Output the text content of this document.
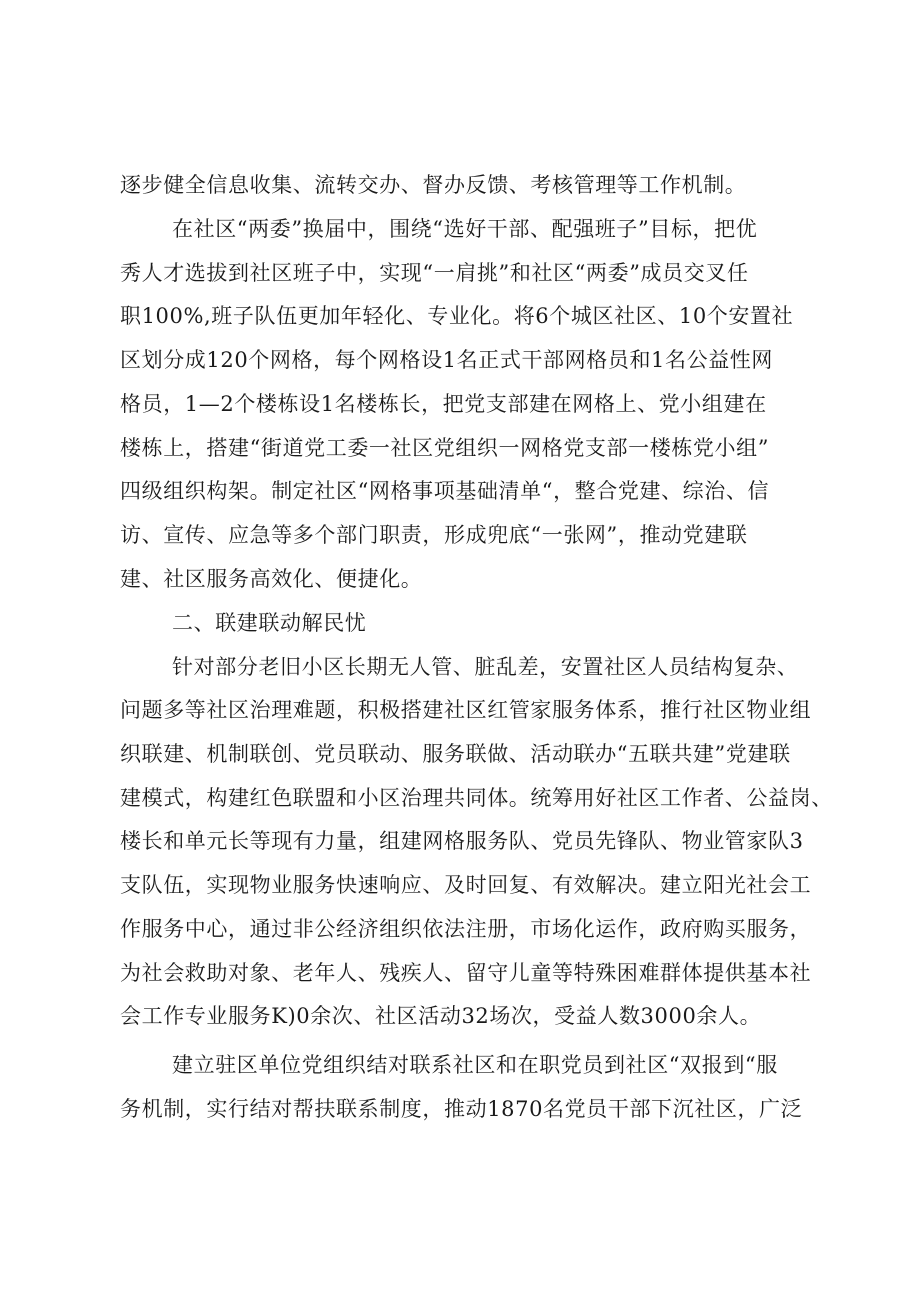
逐步健全信息收集、流转交办、督办反馈、考核管理等工作机制。
在社区“两委”换届中，围绕“选好干部、配强班子”目标，把优
秀人才选拔到社区班子中，实现“一肩挑”和社区“两委”成员交叉任
职100%,班子队伍更加年轻化、专业化。将6个城区社区、10个安置社
区划分成120个网格，每个网格设1名正式干部网格员和1名公益性网
格员，1—2个楼栋设1名楼栋长，把党支部建在网格上、党小组建在
楼栋上，搭建“街道党工委一社区党组织一网格党支部一楼栋党小组”
四级组织构架。制定社区“网格事项基础清单“，整合党建、综治、信
访、宣传、应急等多个部门职责，形成兜底“一张网”，推动党建联
建、社区服务高效化、便捷化。
二、联建联动解民忧
针对部分老旧小区长期无人管、脏乱差，安置社区人员结构复杂、
问题多等社区治理难题，积极搭建社区红管家服务体系，推行社区物业组
织联建、机制联创、党员联动、服务联做、活动联办“五联共建”党建联
建模式，构建红色联盟和小区治理共同体。统筹用好社区工作者、公益岗、
楼长和单元长等现有力量，组建网格服务队、党员先锋队、物业管家队3
支队伍，实现物业服务快速响应、及时回复、有效解决。建立阳光社会工
作服务中心，通过非公经济组织依法注册，市场化运作，政府购买服务，
为社会救助对象、老年人、残疾人、留守儿童等特殊困难群体提供基本社
会工作专业服务K)0余次、社区活动32场次，受益人数3000余人。
建立驻区单位党组织结对联系社区和在职党员到社区“双报到“服
务机制，实行结对帮扶联系制度，推动1870名党员干部下沉社区，广泛
